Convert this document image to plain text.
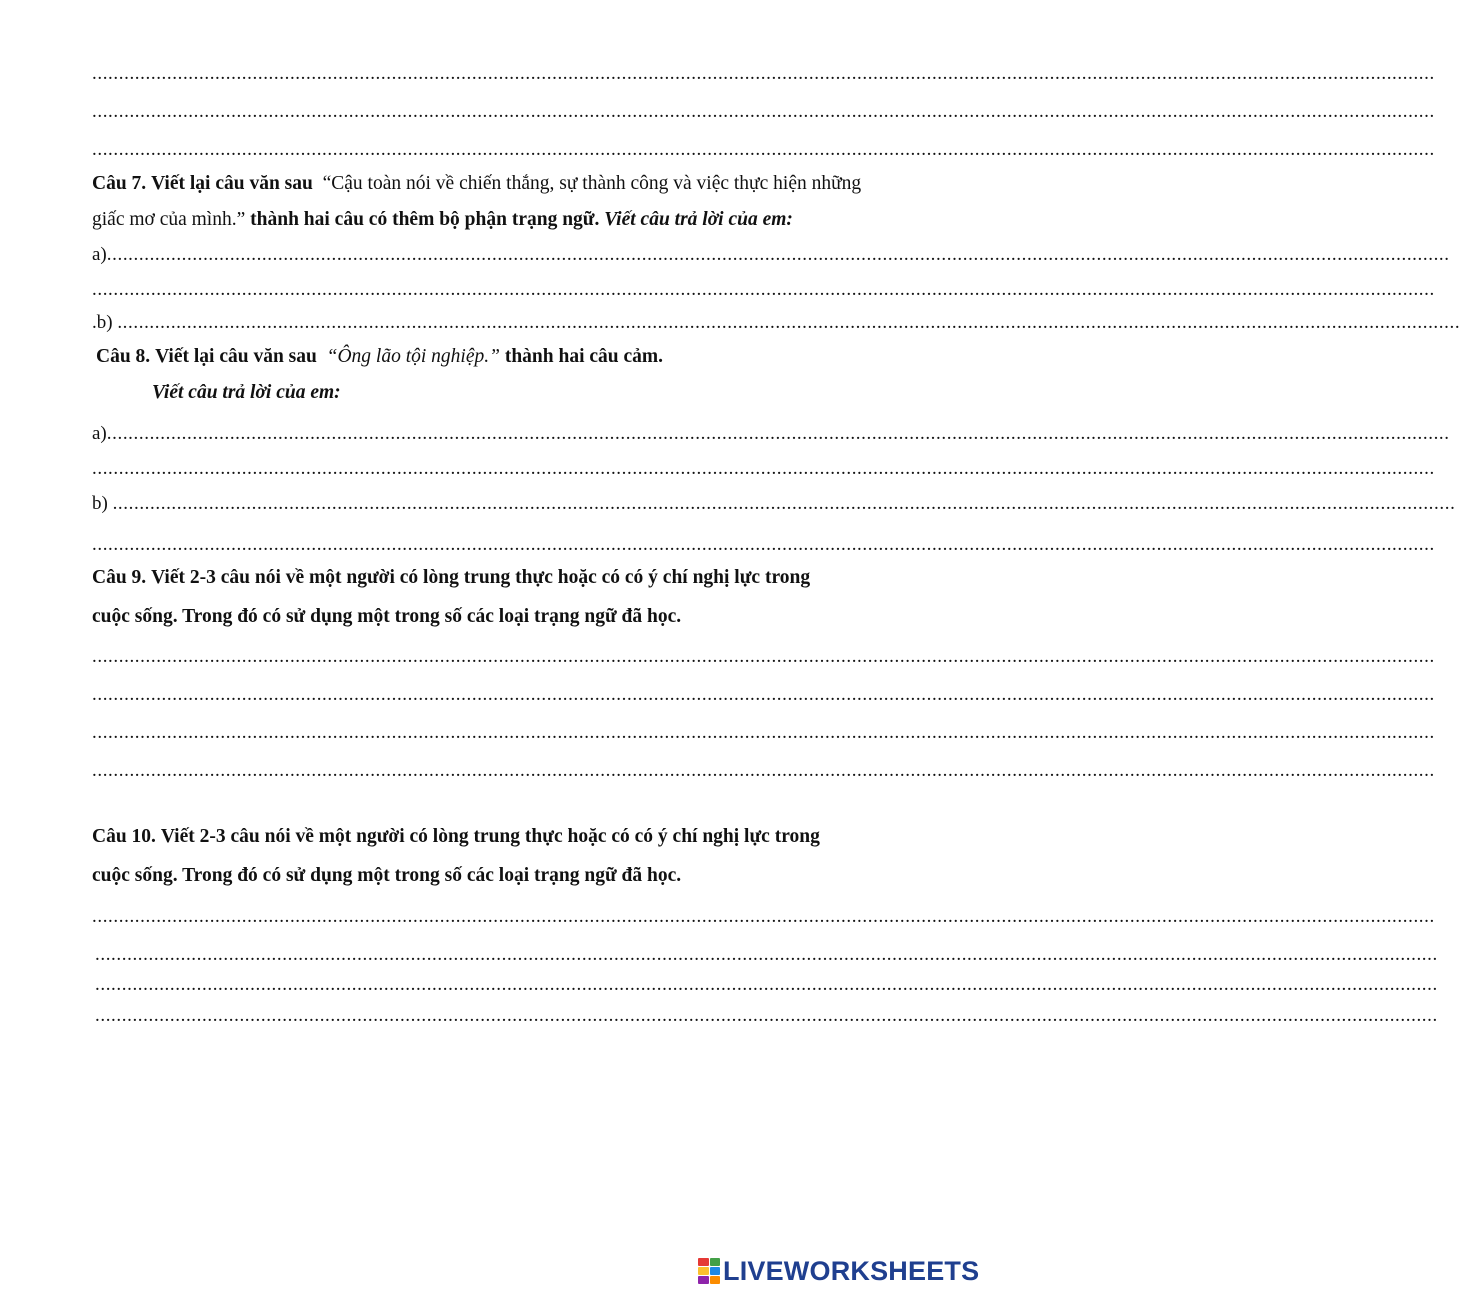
...........................................................................................................................................................................................................................................................
...........................................................................................................................................................................................................................................................
...........................................................................................................................................................................................................................................................
Câu 7. Viết lại câu văn sau “Cậu toàn nói về chiến thắng, sự thành công và việc thực hiện những
giấc mơ của mình.” thành hai câu có thêm bộ phận trạng ngữ. Viết câu trả lời của em:
a)...........................................................................................................................................................................................................................................................
...........................................................................................................................................................................................................................................................
.b) ...........................................................................................................................................................................................................................................................
Câu 8. Viết lại câu văn sau “Ông lão tội nghiệp.” thành hai câu cảm.
Viết câu trả lời của em:
a)...........................................................................................................................................................................................................................................................
...........................................................................................................................................................................................................................................................
b) ...........................................................................................................................................................................................................................................................
...........................................................................................................................................................................................................................................................
Câu 9. Viết 2-3 câu nói về một người có lòng trung thực hoặc có có ý chí nghị lực trong
cuộc sống. Trong đó có sử dụng một trong số các loại trạng ngữ đã học.
...........................................................................................................................................................................................................................................................
...........................................................................................................................................................................................................................................................
...........................................................................................................................................................................................................................................................
...........................................................................................................................................................................................................................................................
Câu 10. Viết 2-3 câu nói về một người có lòng trung thực hoặc có có ý chí nghị lực trong
cuộc sống. Trong đó có sử dụng một trong số các loại trạng ngữ đã học.
...........................................................................................................................................................................................................................................................
...........................................................................................................................................................................................................................................................
...........................................................................................................................................................................................................................................................
...........................................................................................................................................................................................................................................................
LIVEWORKSHEETS
